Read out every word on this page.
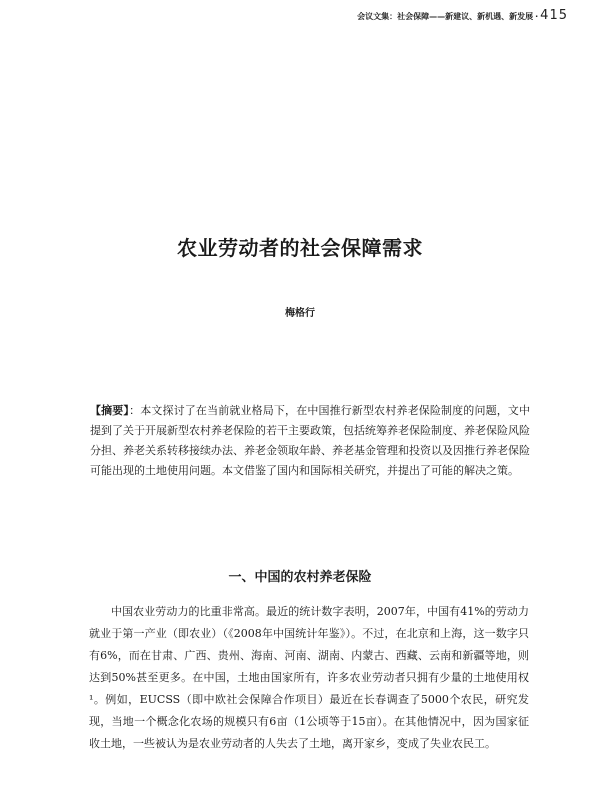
会议文集：社会保障——新建议、新机遇、新发展 · 415
农业劳动者的社会保障需求
梅格行
【摘要】：本文探讨了在当前就业格局下，在中国推行新型农村养老保险制度的问题，文中提到了关于开展新型农村养老保险的若干主要政策，包括统筹养老保险制度、养老保险风险分担、养老关系转移接续办法、养老金领取年龄、养老基金管理和投资以及因推行养老保险可能出现的土地使用问题。本文借鉴了国内和国际相关研究，并提出了可能的解决之策。
一、中国的农村养老保险
中国农业劳动力的比重非常高。最近的统计数字表明，2007年，中国有41%的劳动力就业于第一产业（即农业）（《2008年中国统计年鉴》）。不过，在北京和上海，这一数字只有6%，而在甘肃、广西、贵州、海南、河南、湖南、内蒙古、西藏、云南和新疆等地，则达到50%甚至更多。在中国，土地由国家所有，许多农业劳动者只拥有少量的土地使用权¹。例如，EUCSS（即中欧社会保障合作项目）最近在长春调查了5000个农民，研究发现，当地一个概念化农场的规模只有6亩（1公顷等于15亩）。在其他情况中，因为国家征收土地，一些被认为是农业劳动者的人失去了土地，离开家乡，变成了失业农民工。
